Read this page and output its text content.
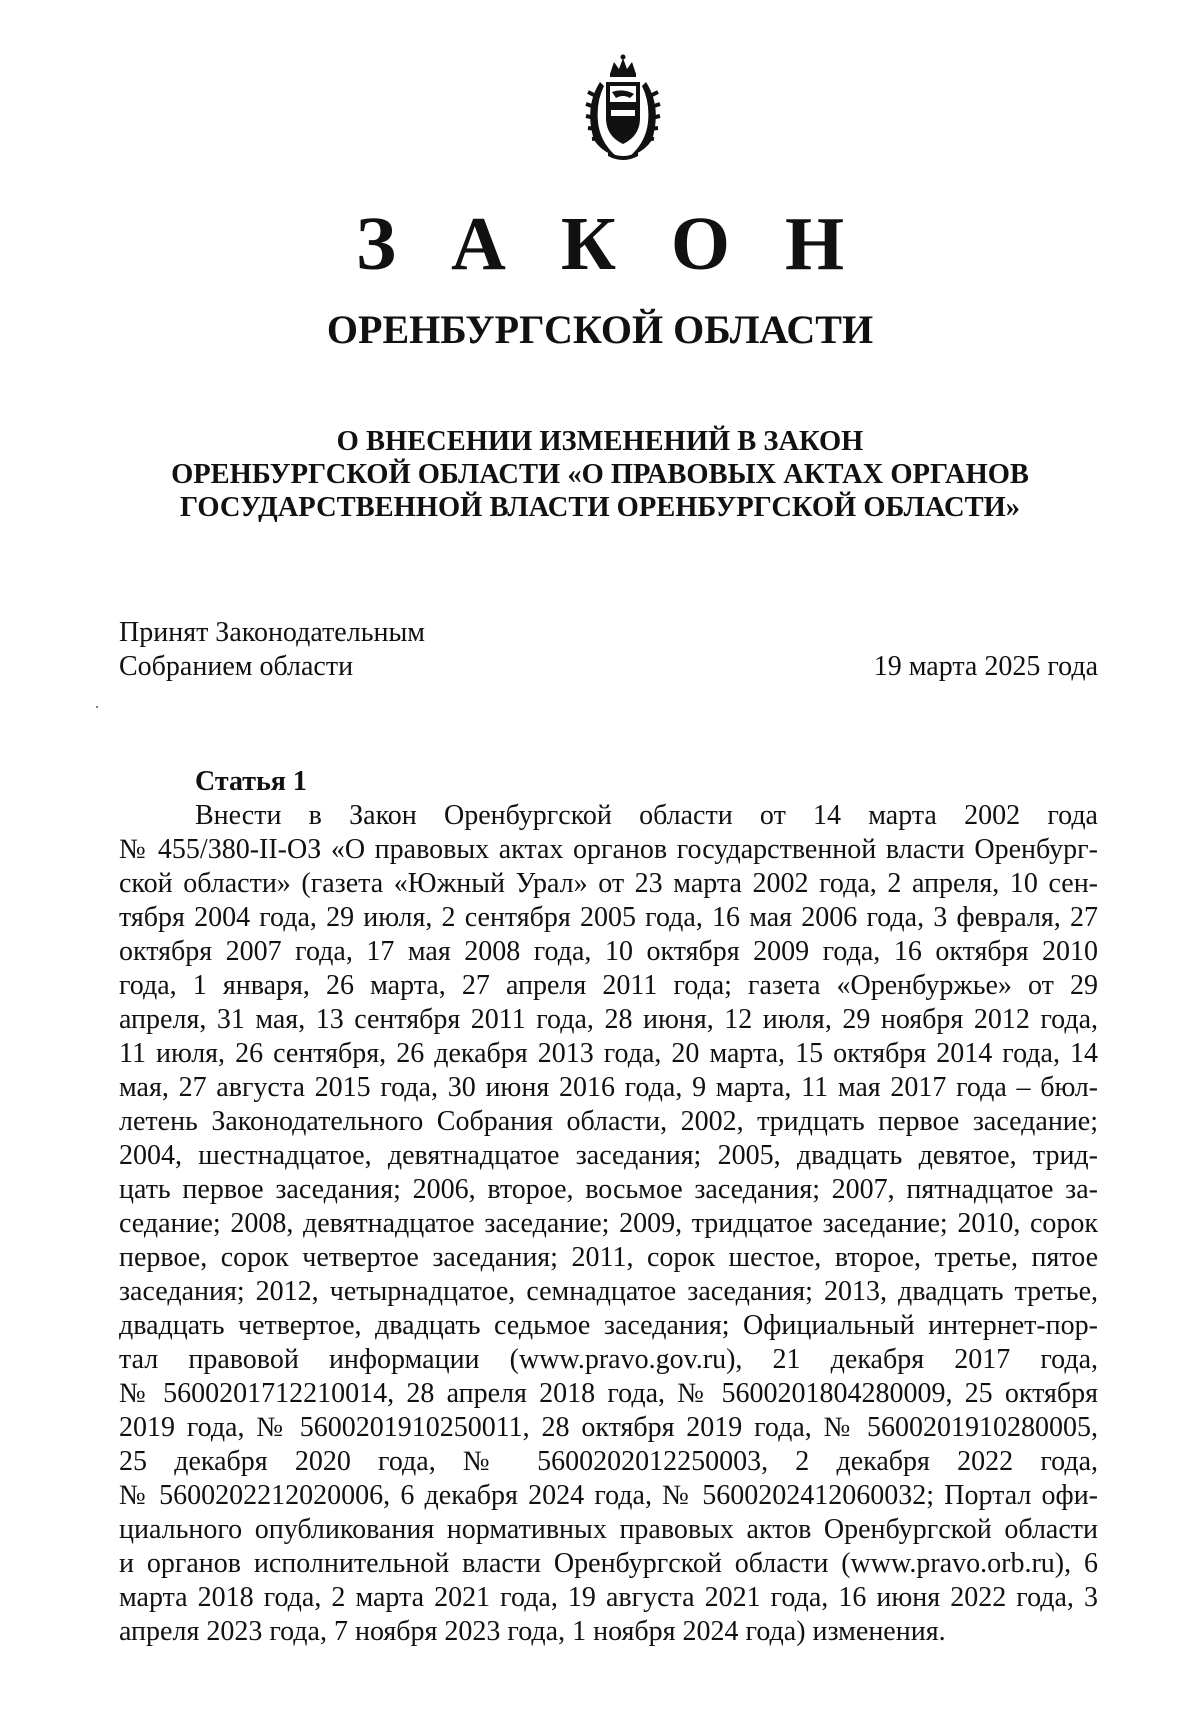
З А К О Н
ОРЕНБУРГСКОЙ ОБЛАСТИ
О ВНЕСЕНИИ ИЗМЕНЕНИЙ В ЗАКОН
ОРЕНБУРГСКОЙ ОБЛАСТИ «О ПРАВОВЫХ АКТАХ ОРГАНОВ
ГОСУДАРСТВЕННОЙ ВЛАСТИ ОРЕНБУРГСКОЙ ОБЛАСТИ»
Принят Законодательным
Собранием области	19 марта 2025 года
Статья 1
Внести в Закон Оренбургской области от 14 марта 2002 года
№ 455/380-II-ОЗ «О правовых актах органов государственной власти Оренбург-
ской области» (газета «Южный Урал» от 23 марта 2002 года, 2 апреля, 10 сен-
тября 2004 года, 29 июля, 2 сентября 2005 года, 16 мая 2006 года, 3 февраля, 27
октября 2007 года, 17 мая 2008 года, 10 октября 2009 года, 16 октября 2010
года, 1 января, 26 марта, 27 апреля 2011 года; газета «Оренбуржье» от 29
апреля, 31 мая, 13 сентября 2011 года, 28 июня, 12 июля, 29 ноября 2012 года,
11 июля, 26 сентября, 26 декабря 2013 года, 20 марта, 15 октября 2014 года, 14
мая, 27 августа 2015 года, 30 июня 2016 года, 9 марта, 11 мая 2017 года – бюл-
летень Законодательного Собрания области, 2002, тридцать первое заседание;
2004, шестнадцатое, девятнадцатое заседания; 2005, двадцать девятое, трид-
цать первое заседания; 2006, второе, восьмое заседания; 2007, пятнадцатое за-
седание; 2008, девятнадцатое заседание; 2009, тридцатое заседание; 2010, сорок
первое, сорок четвертое заседания; 2011, сорок шестое, второе, третье, пятое
заседания; 2012, четырнадцатое, семнадцатое заседания; 2013, двадцать третье,
двадцать четвертое, двадцать седьмое заседания; Официальный интернет-пор-
тал правовой информации (www.pravo.gov.ru), 21 декабря 2017 года,
№ 5600201712210014, 28 апреля 2018 года, № 5600201804280009, 25 октября
2019 года, № 5600201910250011, 28 октября 2019 года, № 5600201910280005,
25 декабря 2020 года, № 5600202012250003, 2 декабря 2022 года,
№ 5600202212020006, 6 декабря 2024 года, № 5600202412060032; Портал офи-
циального опубликования нормативных правовых актов Оренбургской области
и органов исполнительной власти Оренбургской области (www.pravo.orb.ru), 6
марта 2018 года, 2 марта 2021 года, 19 августа 2021 года, 16 июня 2022 года, 3
апреля 2023 года, 7 ноября 2023 года, 1 ноября 2024 года) изменения.
